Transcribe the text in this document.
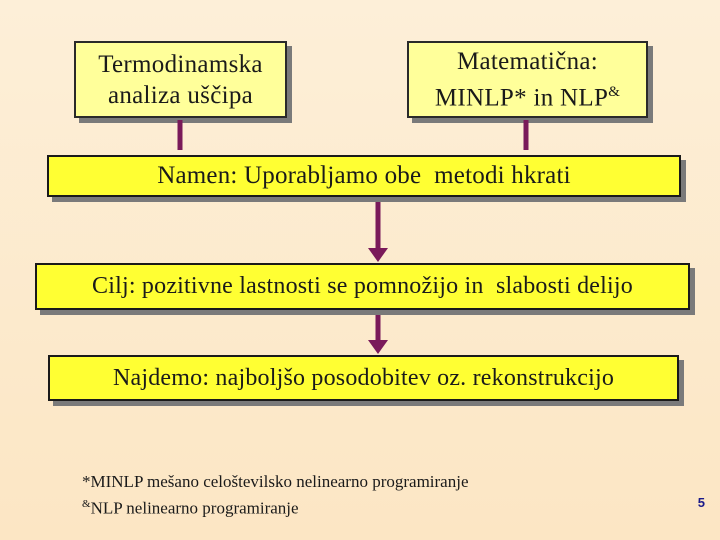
Termodinamska
analiza uščipa
Matematična:
MINLP* in NLP&
Namen: Uporabljamo obe  metodi hkrati
Cilj: pozitivne lastnosti se pomnožijo in  slabosti delijo
Najdemo: najboljšo posodobitev oz. rekonstrukcijo
*MINLP mešano celoštevilsko nelinearno programiranje
&NLP nelinearno programiranje	5
